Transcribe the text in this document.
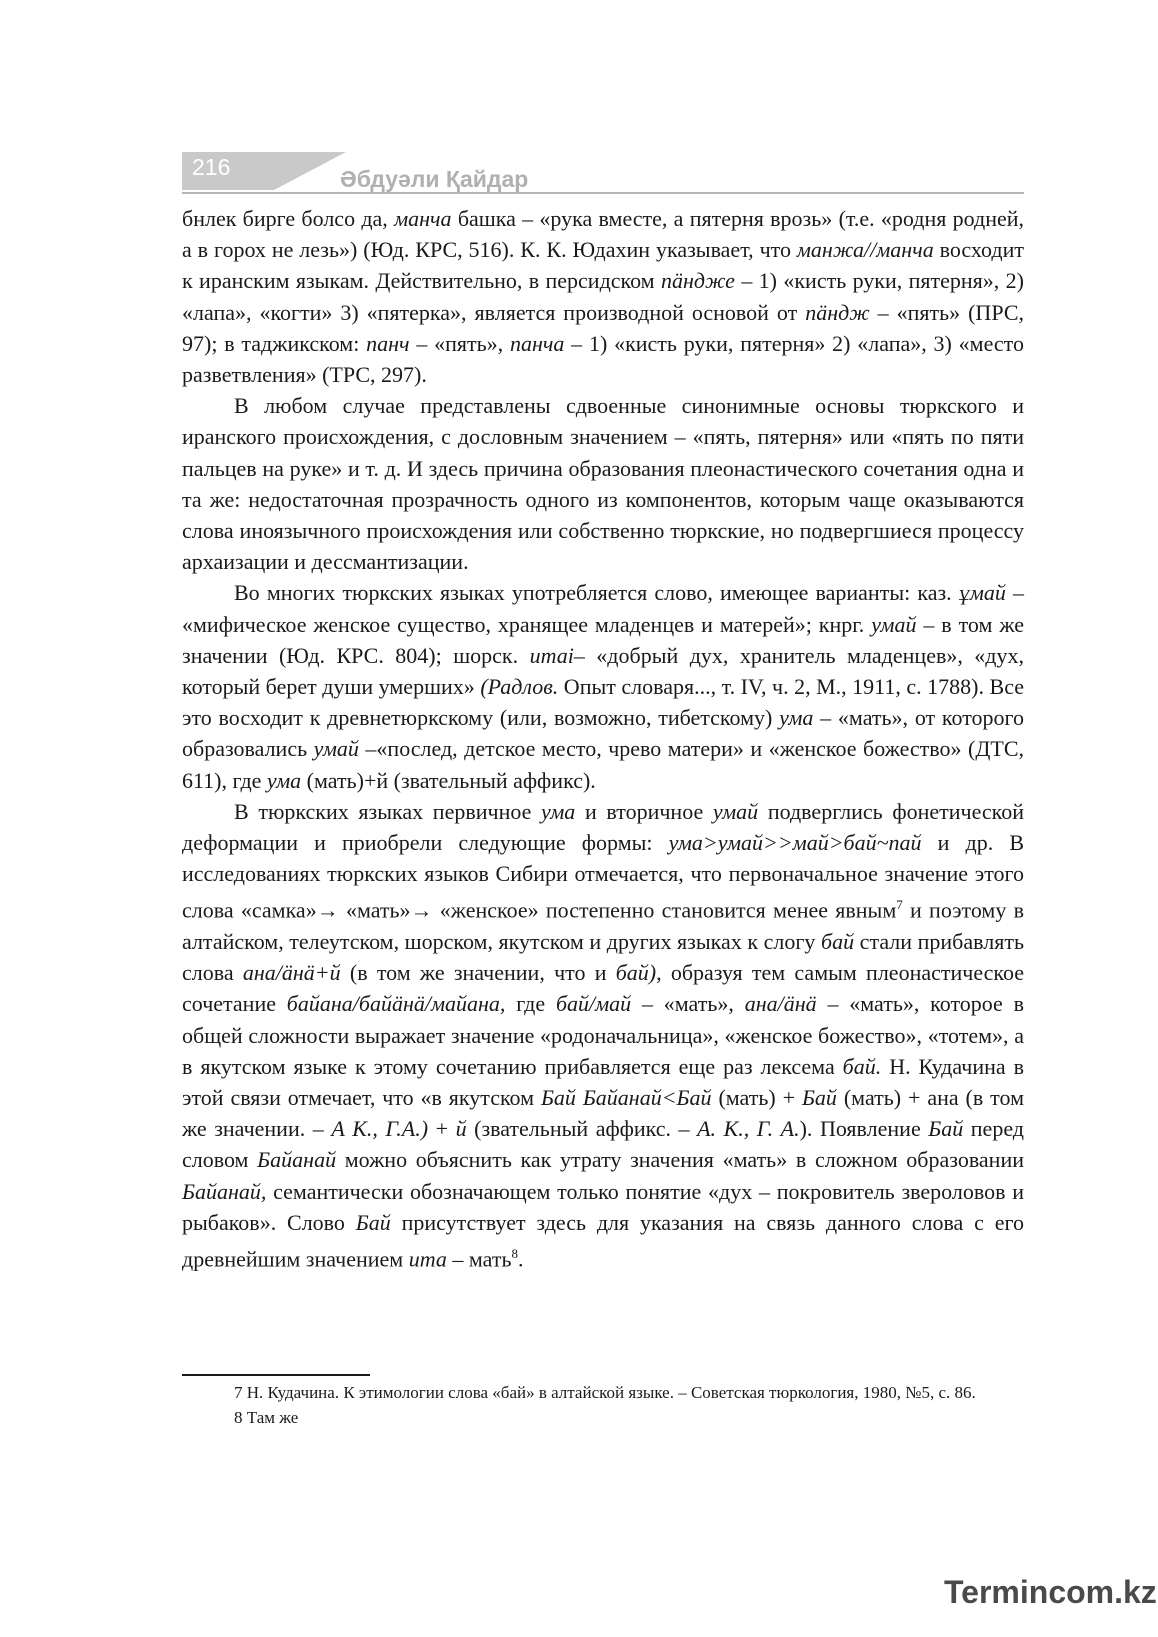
216	Әбдуәли Қайдар

бнлек бирге болсо да, манча башка – «рука вместе, а пятерня врозь» (т.е. «родня родней, а в горох не лезь») (Юд. КРС, 516). К. К. Юдахин указывает, что манжа//манча восходит к иранским языкам. Действительно, в персидском пäндже – 1) «кисть руки, пятерня», 2) «лапа», «когти» 3) «пятерка», является производной основой от пäндж – «пять» (ПРС, 97); в таджикском: панч – «пять», панча – 1) «кисть руки, пятерня» 2) «лапа», 3) «место разветвления» (ТРС, 297).

В любом случае представлены сдвоенные синонимные основы тюркского и иранского происхождения, с дословным значением – «пять, пятерня» или «пять по пяти пальцев на руке» и т. д. И здесь причина образования плеонастического сочетания одна и та же: недостаточная прозрачность одного из компонентов, которым чаще оказываются слова иноязычного происхождения или собственно тюркские, но подвергшиеся процессу архаизации и дессмантизации.

Во многих тюркских языках употребляется слово, имеющее варианты: каз. ұмай – «мифическое женское существо, хранящее младенцев и матерей»; кнрг. умай – в том же значении (Юд. КРС. 804); шорск. итаі– «добрый дух, хранитель младенцев», «дух, который берет души умерших» (Радлов. Опыт словаря..., т. IV, ч. 2, М., 1911, с. 1788). Все это восходит к древнетюркскому (или, возможно, тибетскому) ума – «мать», от которого образовались умай –«послед, детское место, чрево матери» и «женское божество» (ДТС, 611), где ума (мать)+й (звательный аффикс).

В тюркских языках первичное ума и вторичное умай подверглись фонетической деформации и приобрели следующие формы: ума>умай>>май>бай~пай и др. В исследованиях тюркских языков Сибири отмечается, что первоначальное значение этого слова «самка»→ «мать»→ «женское» постепенно становится менее явным$^7$ и поэтому в алтайском, телеутском, шорском, якутском и других языках к слогу бай стали прибавлять слова ана/äнä+й (в том же значении, что и бай), образуя тем самым плеонастическое сочетание байана/байäнä/майана, где бай/май – «мать», ана/äнä – «мать», которое в общей сложности выражает значение «родоначальница», «женское божество», «тотем», а в якутском языке к этому сочетанию прибавляется еще раз лексема бай. Н. Кудачина в этой связи отмечает, что «в якутском Бай Байанай<Бай (мать) + Бай (мать) + ана (в том же значении. – А К., Г.А.) + й (звательный аффикс. – А. К., Г. А.). Появление Бай перед словом Байанай можно объяснить как утрату значения «мать» в сложном образовании Байанай, семантически обозначающем только понятие «дух – покровитель звероловов и рыбаков». Слово Бай присутствует здесь для указания на связь данного слова с его древнейшим значением ита – мать$^8$.

7 Н. Кудачина. К этимологии слова «бай» в алтайской языке. – Советская тюркология, 1980, №5, с. 86.

8 Там же

Termincom.kz
